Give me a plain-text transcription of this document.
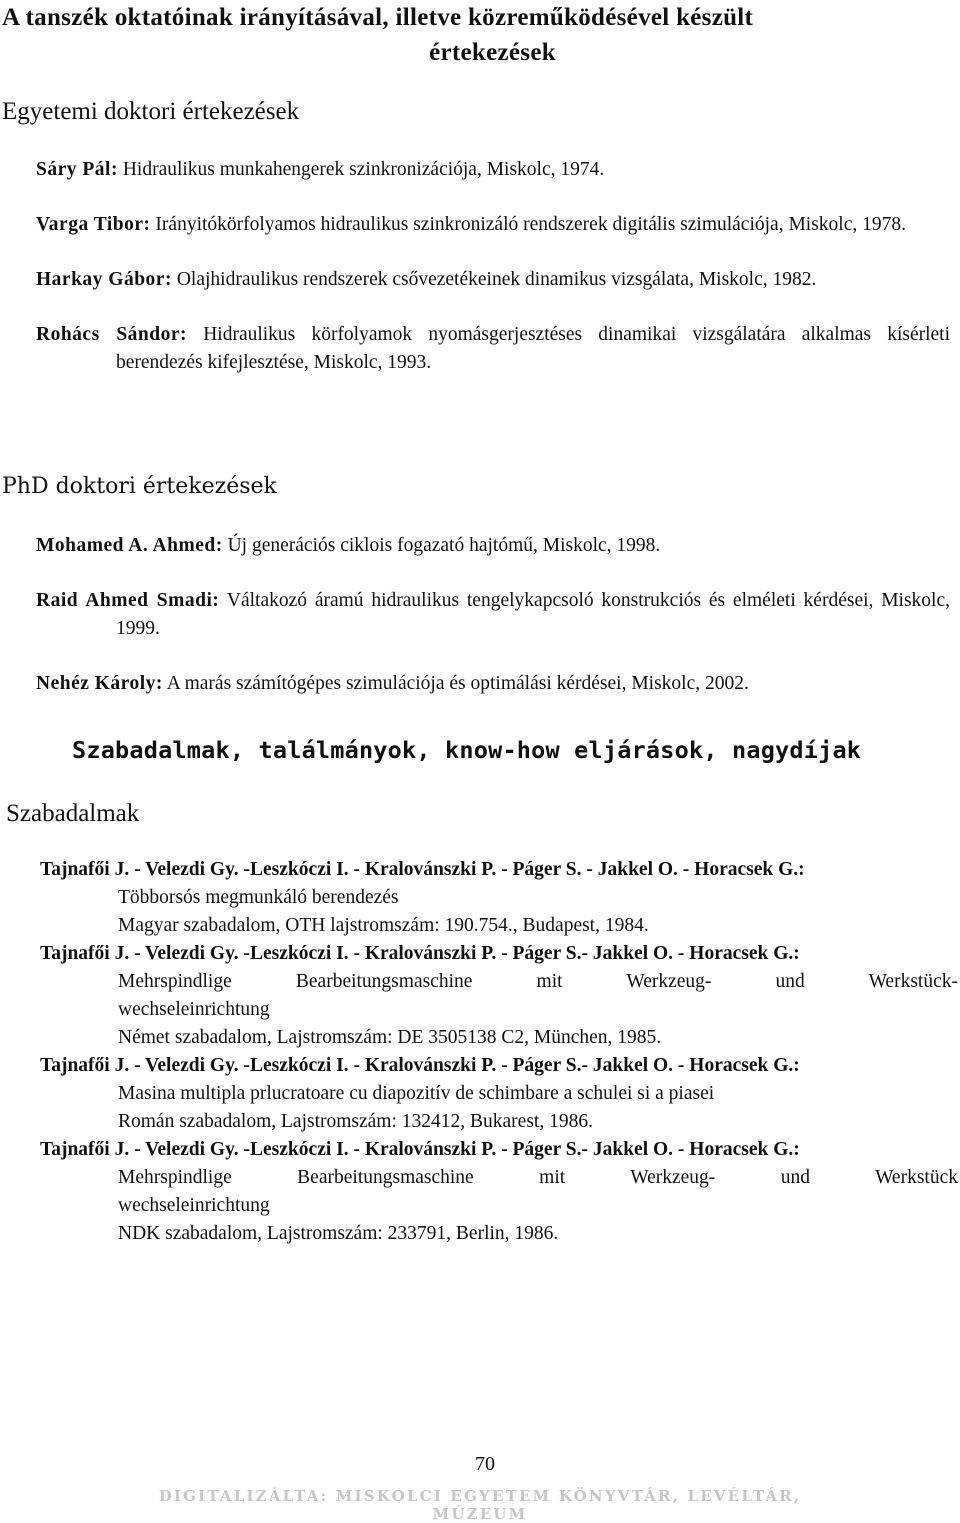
A tanszék oktatóinak irányításával, illetve közreműködésével készült
értekezések
Egyetemi doktori értekezések
Sáry Pál: Hidraulikus munkahengerek szinkronizációja, Miskolc, 1974.
Varga Tibor: Irányitókörfolyamos hidraulikus szinkronizáló rendszerek digitális szimulációja, Miskolc, 1978.
Harkay Gábor: Olajhidraulikus rendszerek csővezetékeinek dinamikus vizsgálata, Miskolc, 1982.
Rohács Sándor: Hidraulikus körfolyamok nyomásgerjesztéses dinamikai vizsgálatára alkalmas kísérleti berendezés kifejlesztése, Miskolc, 1993.
PhD doktori értekezések
Mohamed A. Ahmed: Új generációs ciklois fogazató hajtómű, Miskolc, 1998.
Raid Ahmed Smadi: Váltakozó áramú hidraulikus tengelykapcsoló konstrukciós és elméleti kérdései, Miskolc, 1999.
Nehéz Károly: A marás számítógépes szimulációja és optimálási kérdései, Miskolc, 2002.
Szabadalmak, találmányok, know-how eljárások, nagydíjak
Szabadalmak
Tajnafői J. - Velezdi Gy. -Leszkóczi I. - Kralovánszki P. - Páger S. - Jakkel O. - Horacsek G.:
Többorsós megmunkáló berendezés
Magyar szabadalom, OTH lajstromszám: 190.754., Budapest, 1984.
Tajnafői J. - Velezdi Gy. -Leszkóczi I. - Kralovánszki P. - Páger S.- Jakkel O. - Horacsek G.:
Mehrspindlige Bearbeitungsmaschine mit Werkzeug- und Werkstück-
wechseleinrichtung
Német szabadalom, Lajstromszám: DE 3505138 C2, München, 1985.
Tajnafői J. - Velezdi Gy. -Leszkóczi I. - Kralovánszki P. - Páger S.- Jakkel O. - Horacsek G.:
Masina multipla prlucratoare cu diapozitív de schimbare a schulei si a piasei
Román szabadalom, Lajstromszám: 132412, Bukarest, 1986.
Tajnafői J. - Velezdi Gy. -Leszkóczi I. - Kralovánszki P. - Páger S.- Jakkel O. - Horacsek G.:
Mehrspindlige Bearbeitungsmaschine mit Werkzeug- und Werkstück
wechseleinrichtung
NDK szabadalom, Lajstromszám: 233791, Berlin, 1986.

70

DIGITALIZÁLTA: MISKOLCI EGYETEM KÖNYVTÁR, LEVÉLTÁR, MÚZEUM
